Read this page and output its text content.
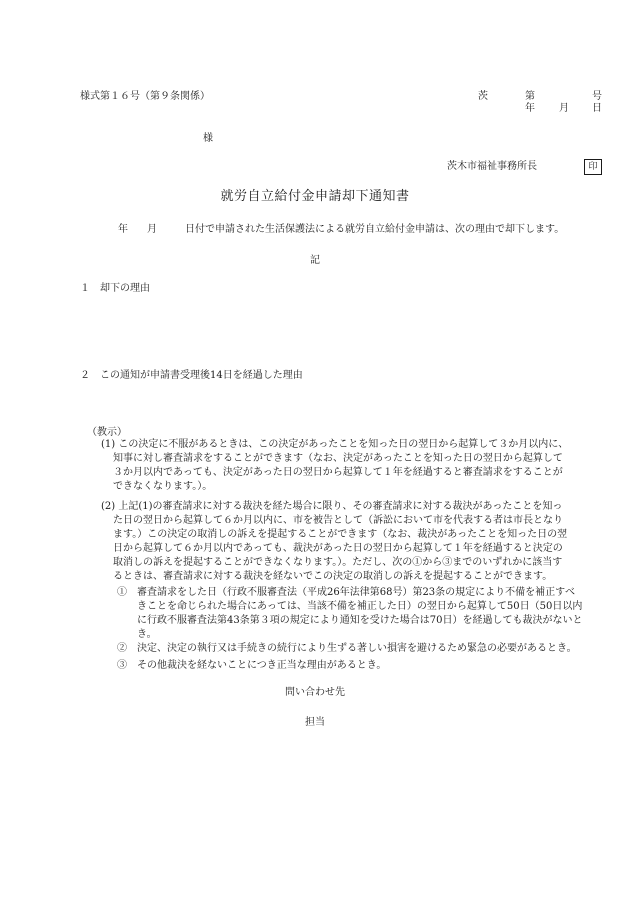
様式第１６号（第９条関係）	茨	第	号
年 月 日
様
茨木市福祉事務所長	印
就労自立給付金申請却下通知書
年 月	日付で申請された生活保護法による就労自立給付金申請は、次の理由で却下します。
記
１　却下の理由
２　この通知が申請書受理後14日を経過した理由
（教示）
(1) この決定に不服があるときは、この決定があったことを知った日の翌日から起算して３か月以内に、
知事に対し審査請求をすることができます（なお、決定があったことを知った日の翌日から起算して
３か月以内であっても、決定があった日の翌日から起算して１年を経過すると審査請求をすることが
できなくなります。）。
(2) 上記(1)の審査請求に対する裁決を経た場合に限り、その審査請求に対する裁決があったことを知っ
た日の翌日から起算して６か月以内に、市を被告として（訴訟において市を代表する者は市長となり
ます。）この決定の取消しの訴えを提起することができます（なお、裁決があったことを知った日の翌
日から起算して６か月以内であっても、裁決があった日の翌日から起算して１年を経過すると決定の
取消しの訴えを提起することができなくなります。）。ただし、次の①から③までのいずれかに該当す
るときは、審査請求に対する裁決を経ないでこの決定の取消しの訴えを提起することができます。
①　審査請求をした日（行政不服審査法（平成26年法律第68号）第23条の規定により不備を補正すべ
　　きことを命じられた場合にあっては、当該不備を補正した日）の翌日から起算して50日（50日以内
　　に行政不服審査法第43条第３項の規定により通知を受けた場合は70日）を経過しても裁決がないと
　　き。
②　決定、決定の執行又は手続きの続行により生ずる著しい損害を避けるため緊急の必要があるとき。
③　その他裁決を経ないことにつき正当な理由があるとき。
問い合わせ先
担当
